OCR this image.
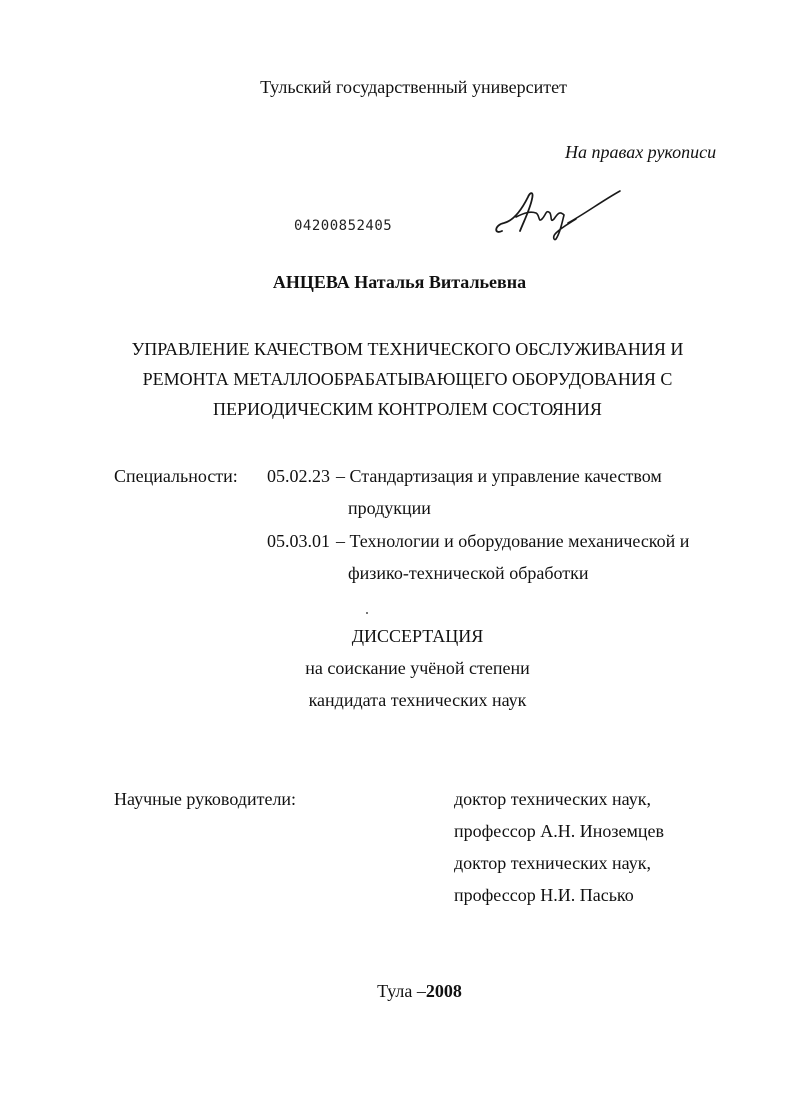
Тульский государственный университет
На правах рукописи
04200852405
АНЦЕВА Наталья Витальевна
УПРАВЛЕНИЕ КАЧЕСТВОМ ТЕХНИЧЕСКОГО ОБСЛУЖИВАНИЯ И
РЕМОНТА МЕТАЛЛООБРАБАТЫВАЮЩЕГО ОБОРУДОВАНИЯ С
ПЕРИОДИЧЕСКИМ КОНТРОЛЕМ СОСТОЯНИЯ
Специальности: 05.02.23 – Стандартизация и управление качеством
продукции
05.03.01 – Технологии и оборудование механической и
физико-технической обработки
ДИССЕРТАЦИЯ
на соискание учёной степени
кандидата технических наук
Научные руководители:	доктор технических наук,
профессор А.Н. Иноземцев
доктор технических наук,
профессор Н.И. Пасько
Тула –2008
